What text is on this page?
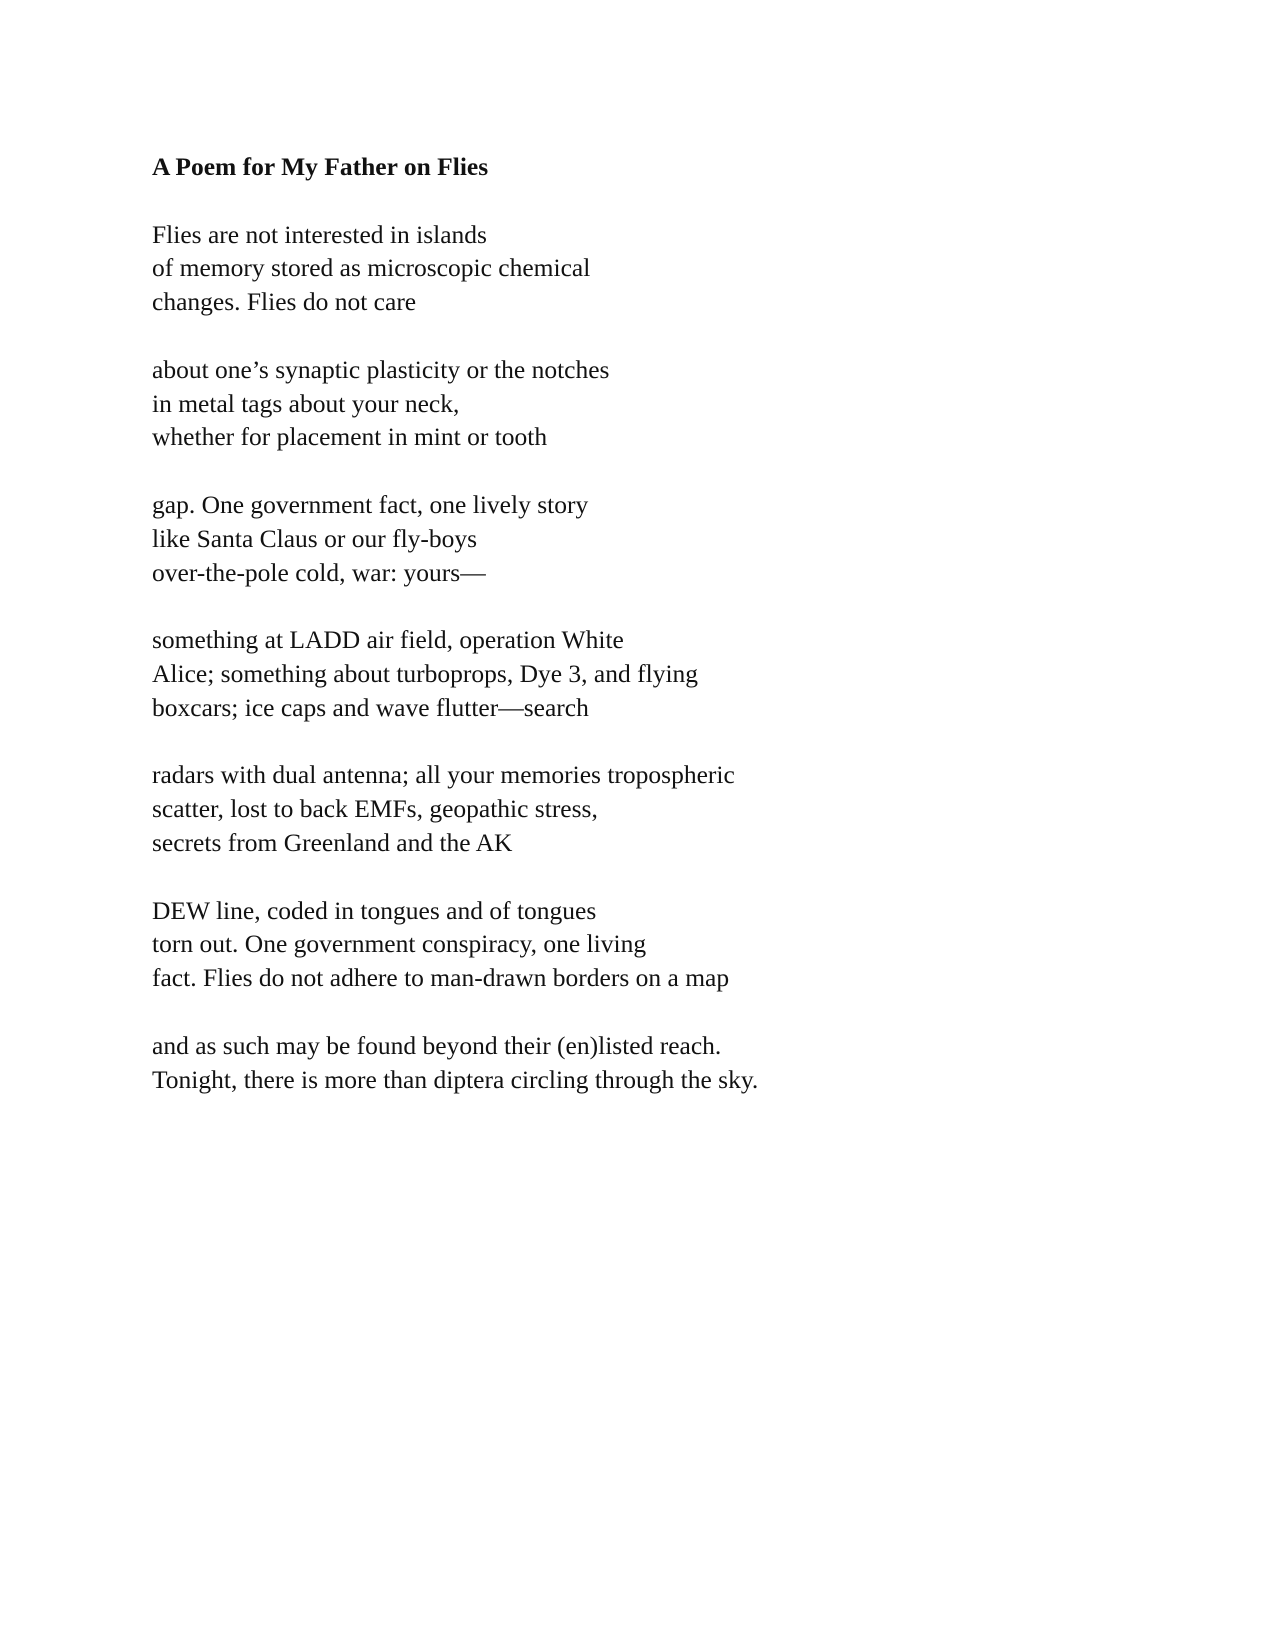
A Poem for My Father on Flies
Flies are not interested in islands
of memory stored as microscopic chemical
changes. Flies do not care
about one’s synaptic plasticity or the notches
in metal tags about your neck,
whether for placement in mint or tooth
gap. One government fact, one lively story
like Santa Claus or our fly-boys
over-the-pole cold, war: yours—
something at LADD air field, operation White
Alice; something about turboprops, Dye 3, and flying
boxcars; ice caps and wave flutter—search
radars with dual antenna; all your memories tropospheric
scatter, lost to back EMFs, geopathic stress,
secrets from Greenland and the AK
DEW line, coded in tongues and of tongues
torn out. One government conspiracy, one living
fact. Flies do not adhere to man-drawn borders on a map
and as such may be found beyond their (en)listed reach.
Tonight, there is more than diptera circling through the sky.
